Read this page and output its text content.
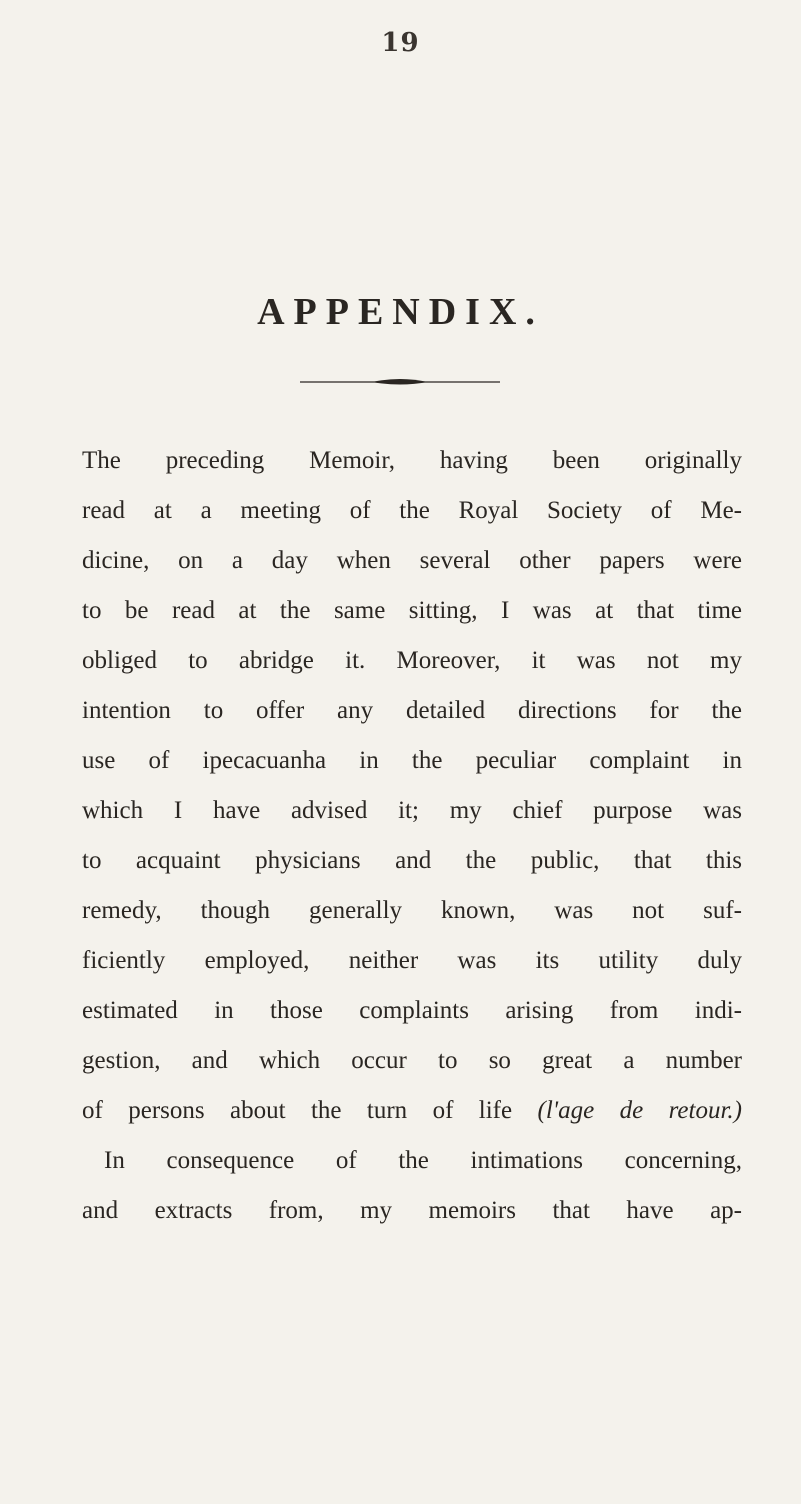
19
APPENDIX.
The preceding Memoir, having been originally
read at a meeting of the Royal Society of Me-
dicine, on a day when several other papers were
to be read at the same sitting, I was at that time
obliged to abridge it. Moreover, it was not my
intention to offer any detailed directions for the
use of ipecacuanha in the peculiar complaint in
which I have advised it; my chief purpose was
to acquaint physicians and the public, that this
remedy, though generally known, was not suf-
ficiently employed, neither was its utility duly
estimated in those complaints arising from indi-
gestion, and which occur to so great a number
of persons about the turn of life (l'age de retour.)
In consequence of the intimations concerning,
and extracts from, my memoirs that have ap-
